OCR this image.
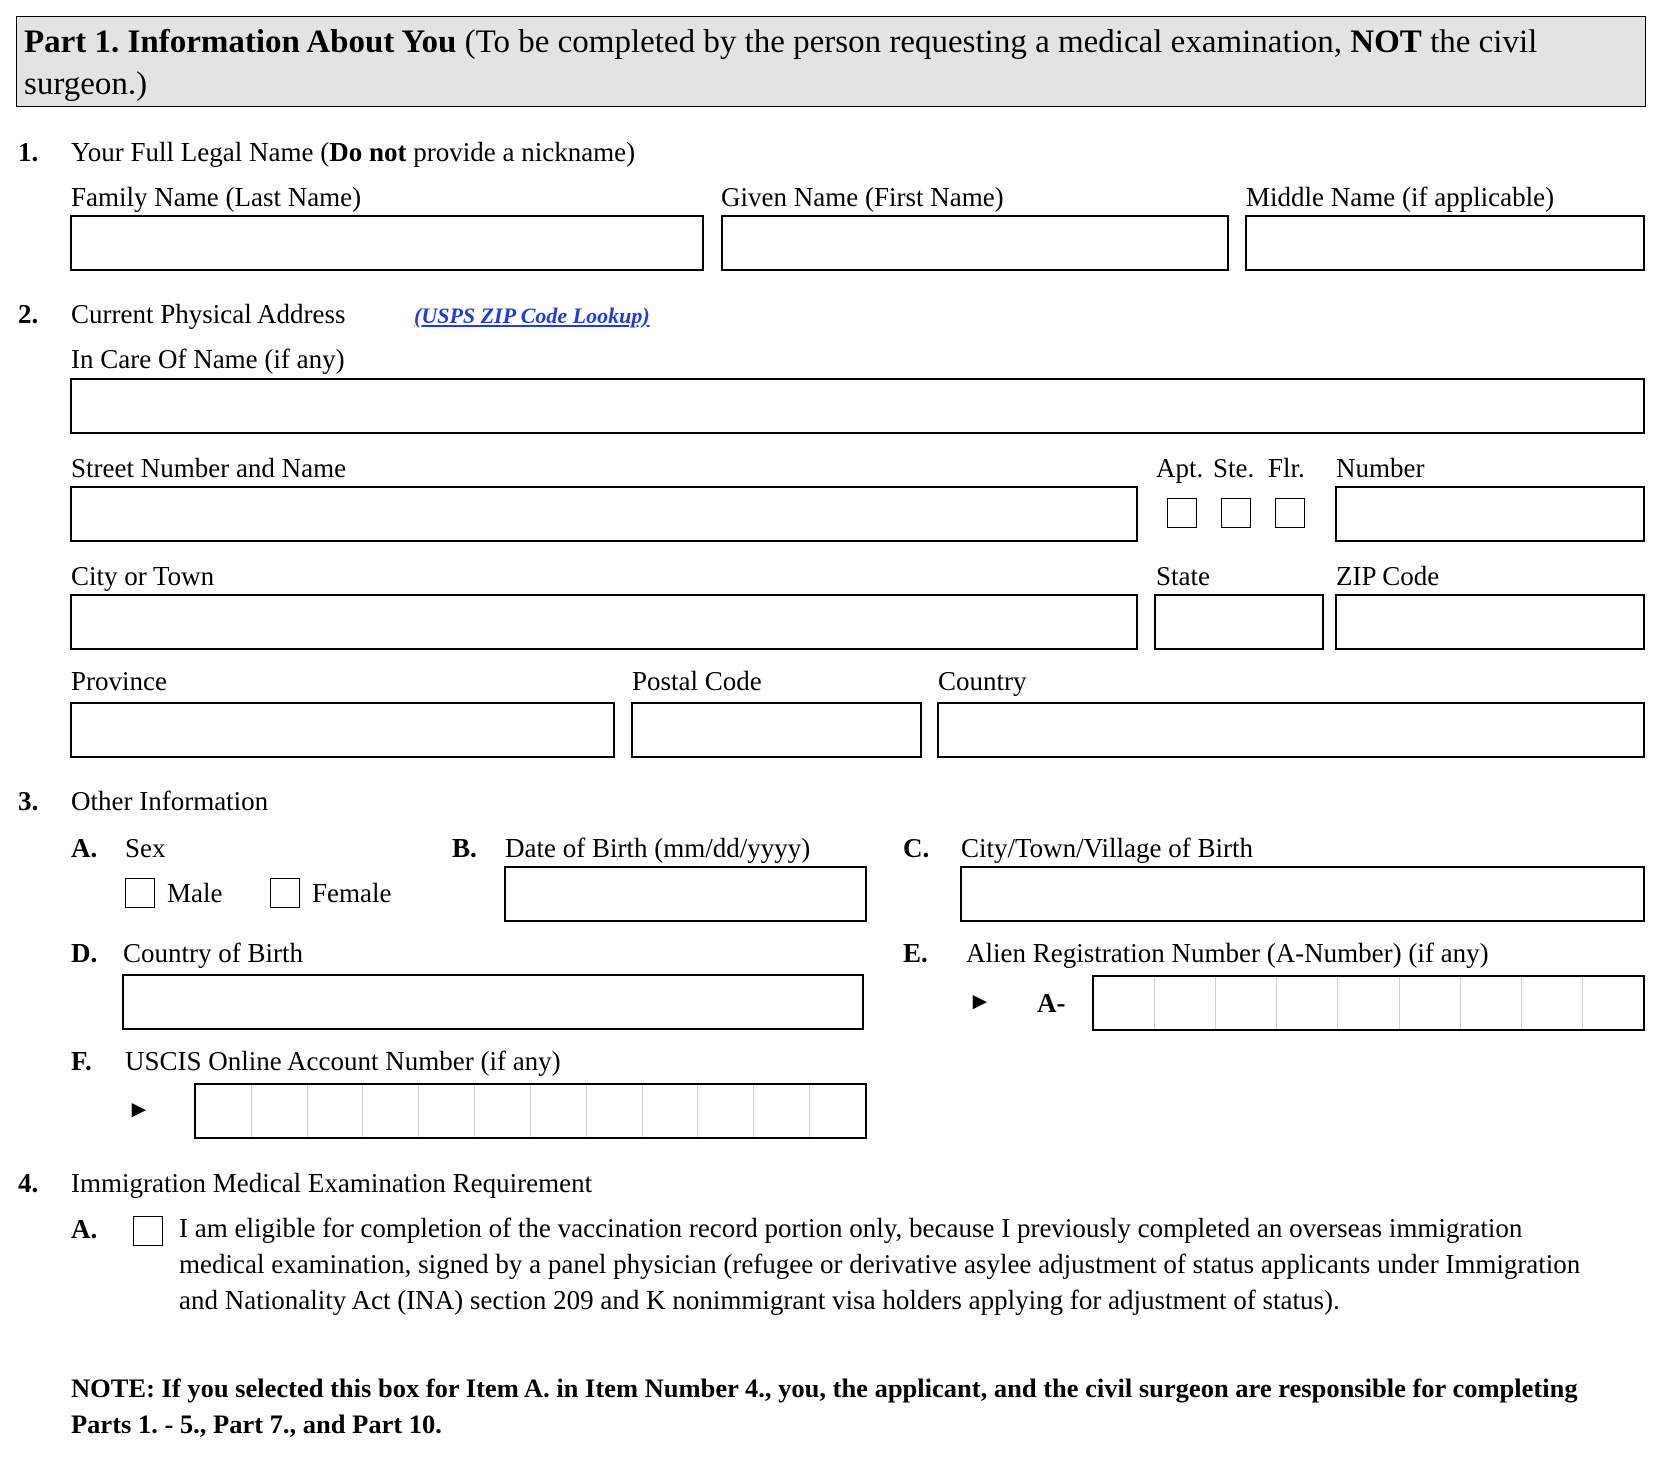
Part 1. Information About You (To be completed by the person requesting a medical examination, NOT the civil surgeon.)
1. Your Full Legal Name (Do not provide a nickname)
Family Name (Last Name)	Given Name (First Name)	Middle Name (if applicable)
2. Current Physical Address	(USPS ZIP Code Lookup)
In Care Of Name (if any)
Street Number and Name	Apt. Ste. Flr. Number
City or Town	State	ZIP Code
Province	Postal Code	Country
3. Other Information
A. Sex
Male	Female
B. Date of Birth (mm/dd/yyyy)	C. City/Town/Village of Birth
D. Country of Birth	E. Alien Registration Number (A-Number) (if any)
► A-
F. USCIS Online Account Number (if any)
►
4. Immigration Medical Examination Requirement
A.	I am eligible for completion of the vaccination record portion only, because I previously completed an overseas immigration medical examination, signed by a panel physician (refugee or derivative asylee adjustment of status applicants under Immigration and Nationality Act (INA) section 209 and K nonimmigrant visa holders applying for adjustment of status).
NOTE: If you selected this box for Item A. in Item Number 4., you, the applicant, and the civil surgeon are responsible for completing Parts 1. - 5., Part 7., and Part 10.
